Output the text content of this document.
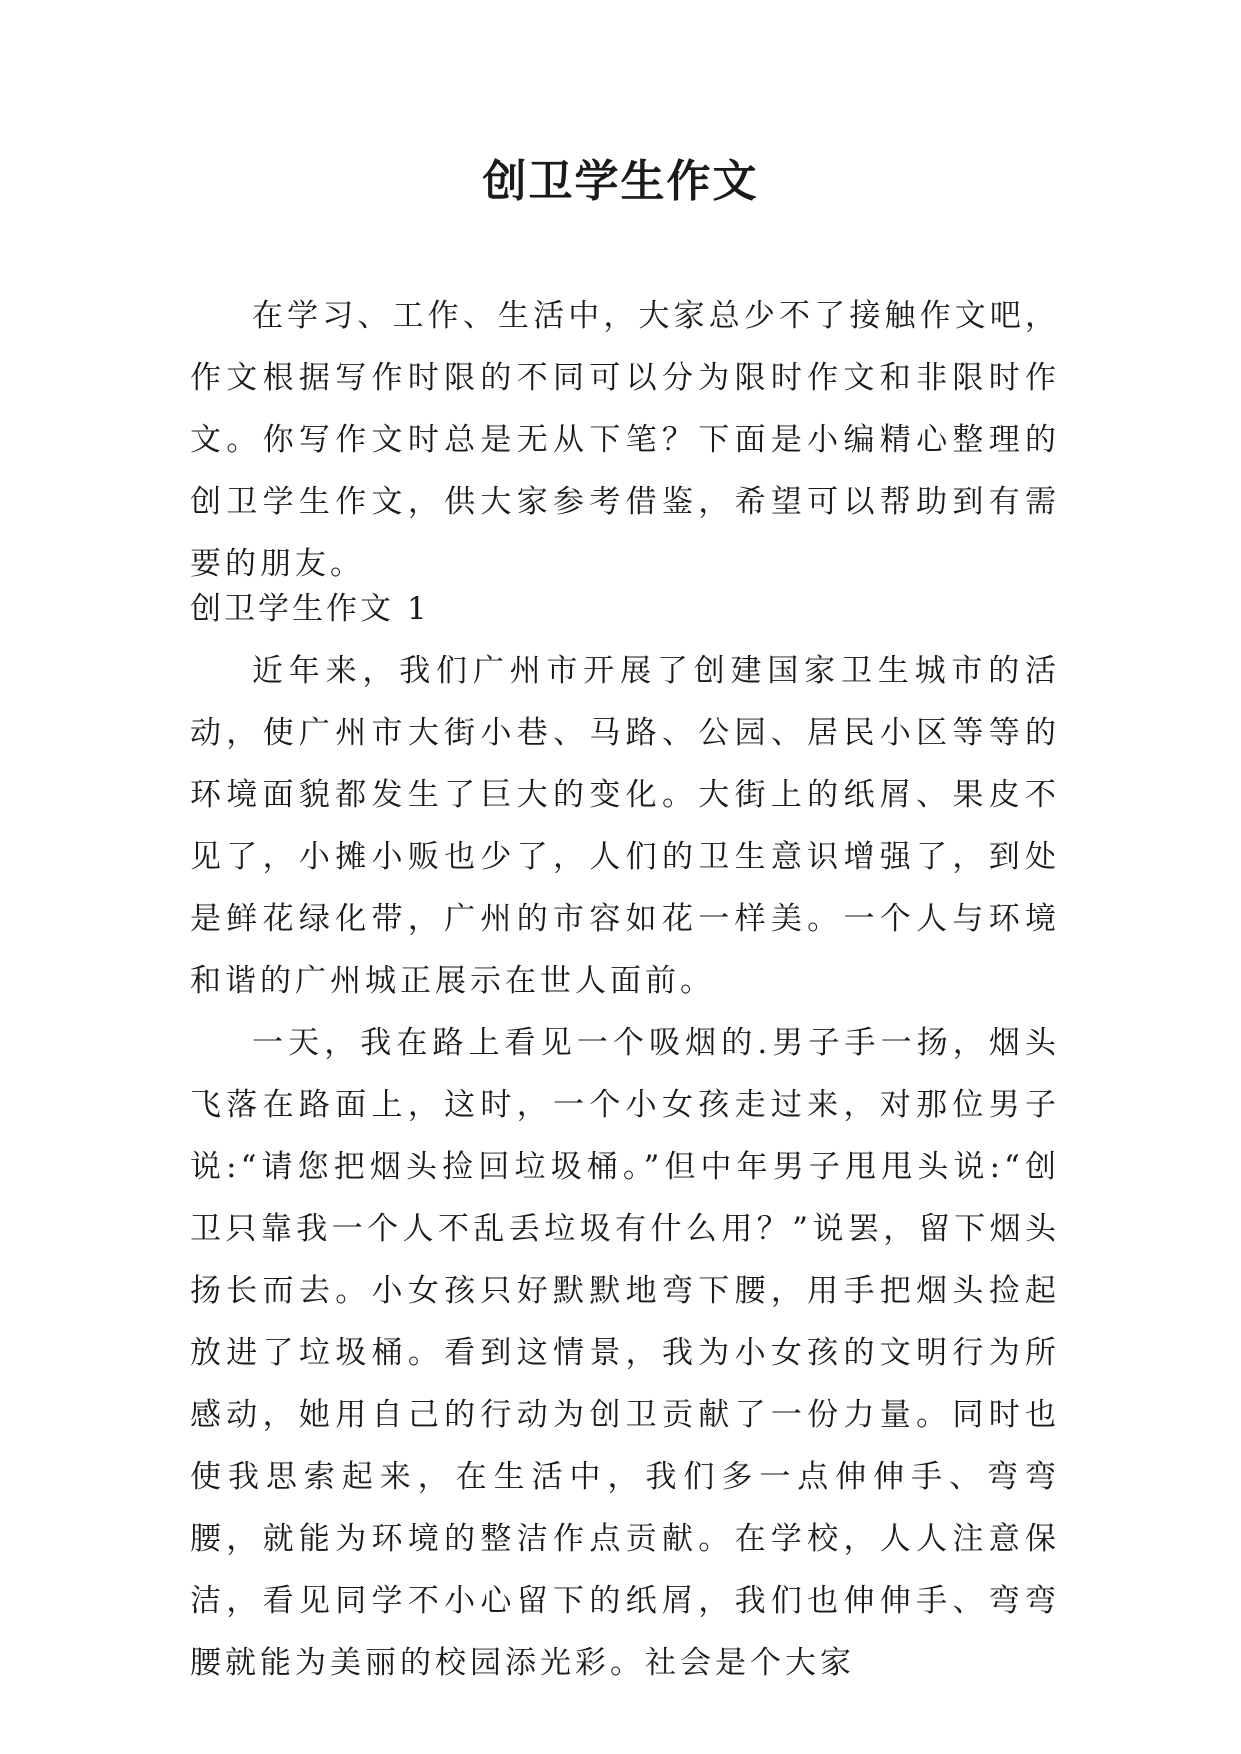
创卫学生作文

在学习、工作、生活中，大家总少不了接触作文吧，作文根据写作时限的不同可以分为限时作文和非限时作文。你写作文时总是无从下笔？下面是小编精心整理的创卫学生作文，供大家参考借鉴，希望可以帮助到有需要的朋友。

创卫学生作文 1

近年来，我们广州市开展了创建国家卫生城市的活动，使广州市大街小巷、马路、公园、居民小区等等的环境面貌都发生了巨大的变化。大街上的纸屑、果皮不见了，小摊小贩也少了，人们的卫生意识增强了，到处是鲜花绿化带，广州的市容如花一样美。一个人与环境和谐的广州城正展示在世人面前。

一天，我在路上看见一个吸烟的.男子手一扬，烟头飞落在路面上，这时，一个小女孩走过来，对那位男子说:“请您把烟头捡回垃圾桶。”但中年男子甩甩头说:“创卫只靠我一个人不乱丢垃圾有什么用？”说罢，留下烟头扬长而去。小女孩只好默默地弯下腰，用手把烟头捡起放进了垃圾桶。看到这情景，我为小女孩的文明行为所感动，她用自己的行动为创卫贡献了一份力量。同时也使我思索起来，在生活中，我们多一点伸伸手、弯弯腰，就能为环境的整洁作点贡献。在学校，人人注意保洁，看见同学不小心留下的纸屑，我们也伸伸手、弯弯腰就能为美丽的校园添光彩。社会是个大家
